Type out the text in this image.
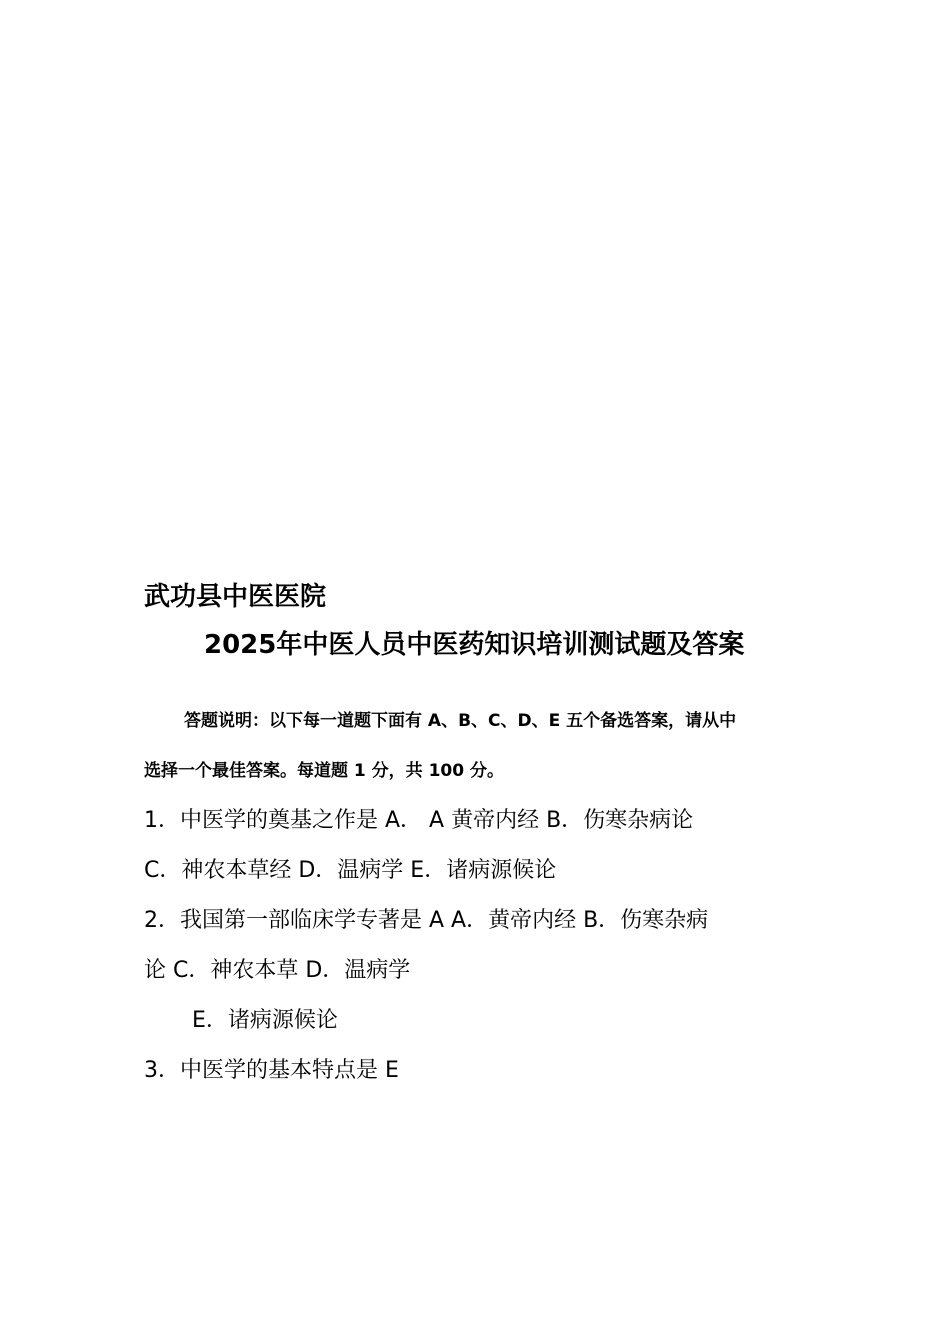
武功县中医医院
2025年中医人员中医药知识培训测试题及答案
答题说明：以下每一道题下面有 A、B、C、D、E 五个备选答案，请从中
选择一个最佳答案。每道题 1 分，共 100 分。
1．中医学的奠基之作是 A． A 黄帝内经 B．伤寒杂病论
C．神农本草经 D．温病学 E．诸病源候论
2．我国第一部临床学专著是 A A．黄帝内经 B．伤寒杂病
论 C．神农本草 D．温病学
E．诸病源候论
3．中医学的基本特点是 E
